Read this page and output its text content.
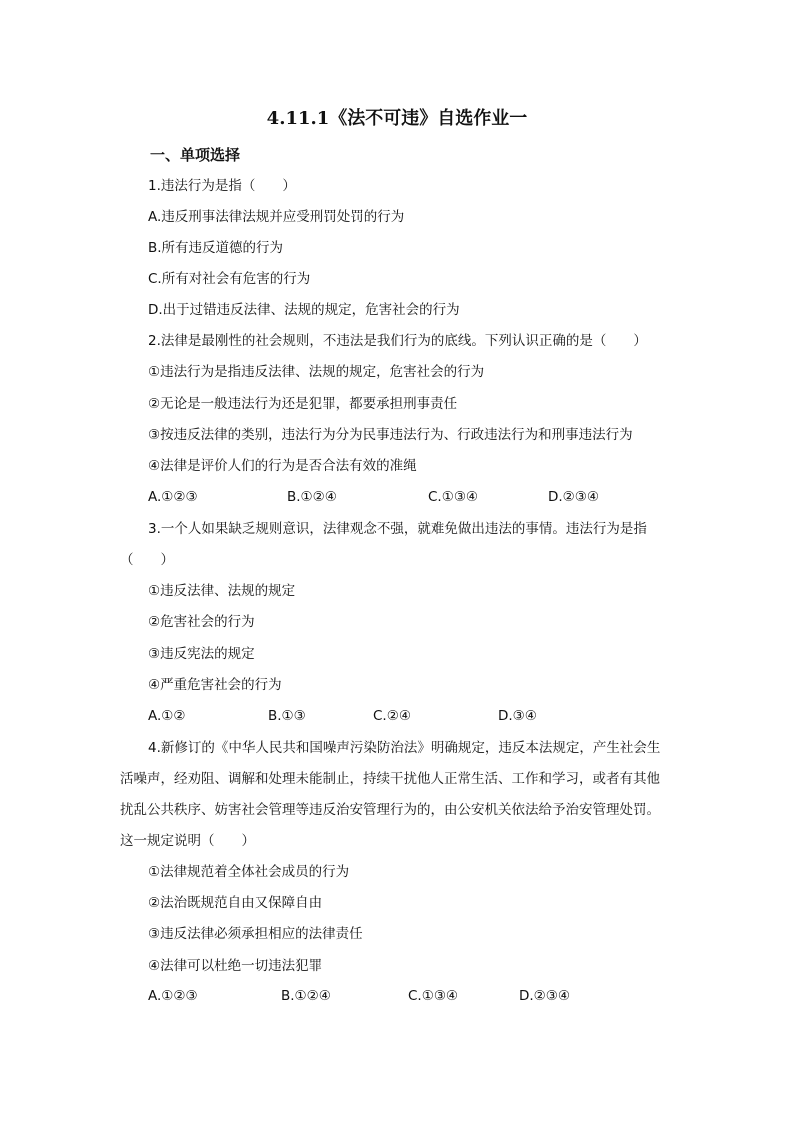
4.11.1《法不可违》自选作业一
一、单项选择
1.违法行为是指（　　）
A.违反刑事法律法规并应受刑罚处罚的行为
B.所有违反道德的行为
C.所有对社会有危害的行为
D.出于过错违反法律、法规的规定，危害社会的行为
2.法律是最刚性的社会规则，不违法是我们行为的底线。下列认识正确的是（　　）
①违法行为是指违反法律、法规的规定，危害社会的行为
②无论是一般违法行为还是犯罪，都要承担刑事责任
③按违反法律的类别，违法行为分为民事违法行为、行政违法行为和刑事违法行为
④法律是评价人们的行为是否合法有效的准绳
A.①②③	B.①②④	C.①③④	D.②③④
3.一个人如果缺乏规则意识，法律观念不强，就难免做出违法的事情。违法行为是指
（　　）
①违反法律、法规的规定
②危害社会的行为
③违反宪法的规定
④严重危害社会的行为
A.①②	B.①③	C.②④	D.③④
4.新修订的《中华人民共和国噪声污染防治法》明确规定，违反本法规定，产生社会生
活噪声，经劝阻、调解和处理未能制止，持续干扰他人正常生活、工作和学习，或者有其他
扰乱公共秩序、妨害社会管理等违反治安管理行为的，由公安机关依法给予治安管理处罚。
这一规定说明（　　）
①法律规范着全体社会成员的行为
②法治既规范自由又保障自由
③违反法律必须承担相应的法律责任
④法律可以杜绝一切违法犯罪
A.①②③	B.①②④	C.①③④	D.②③④
